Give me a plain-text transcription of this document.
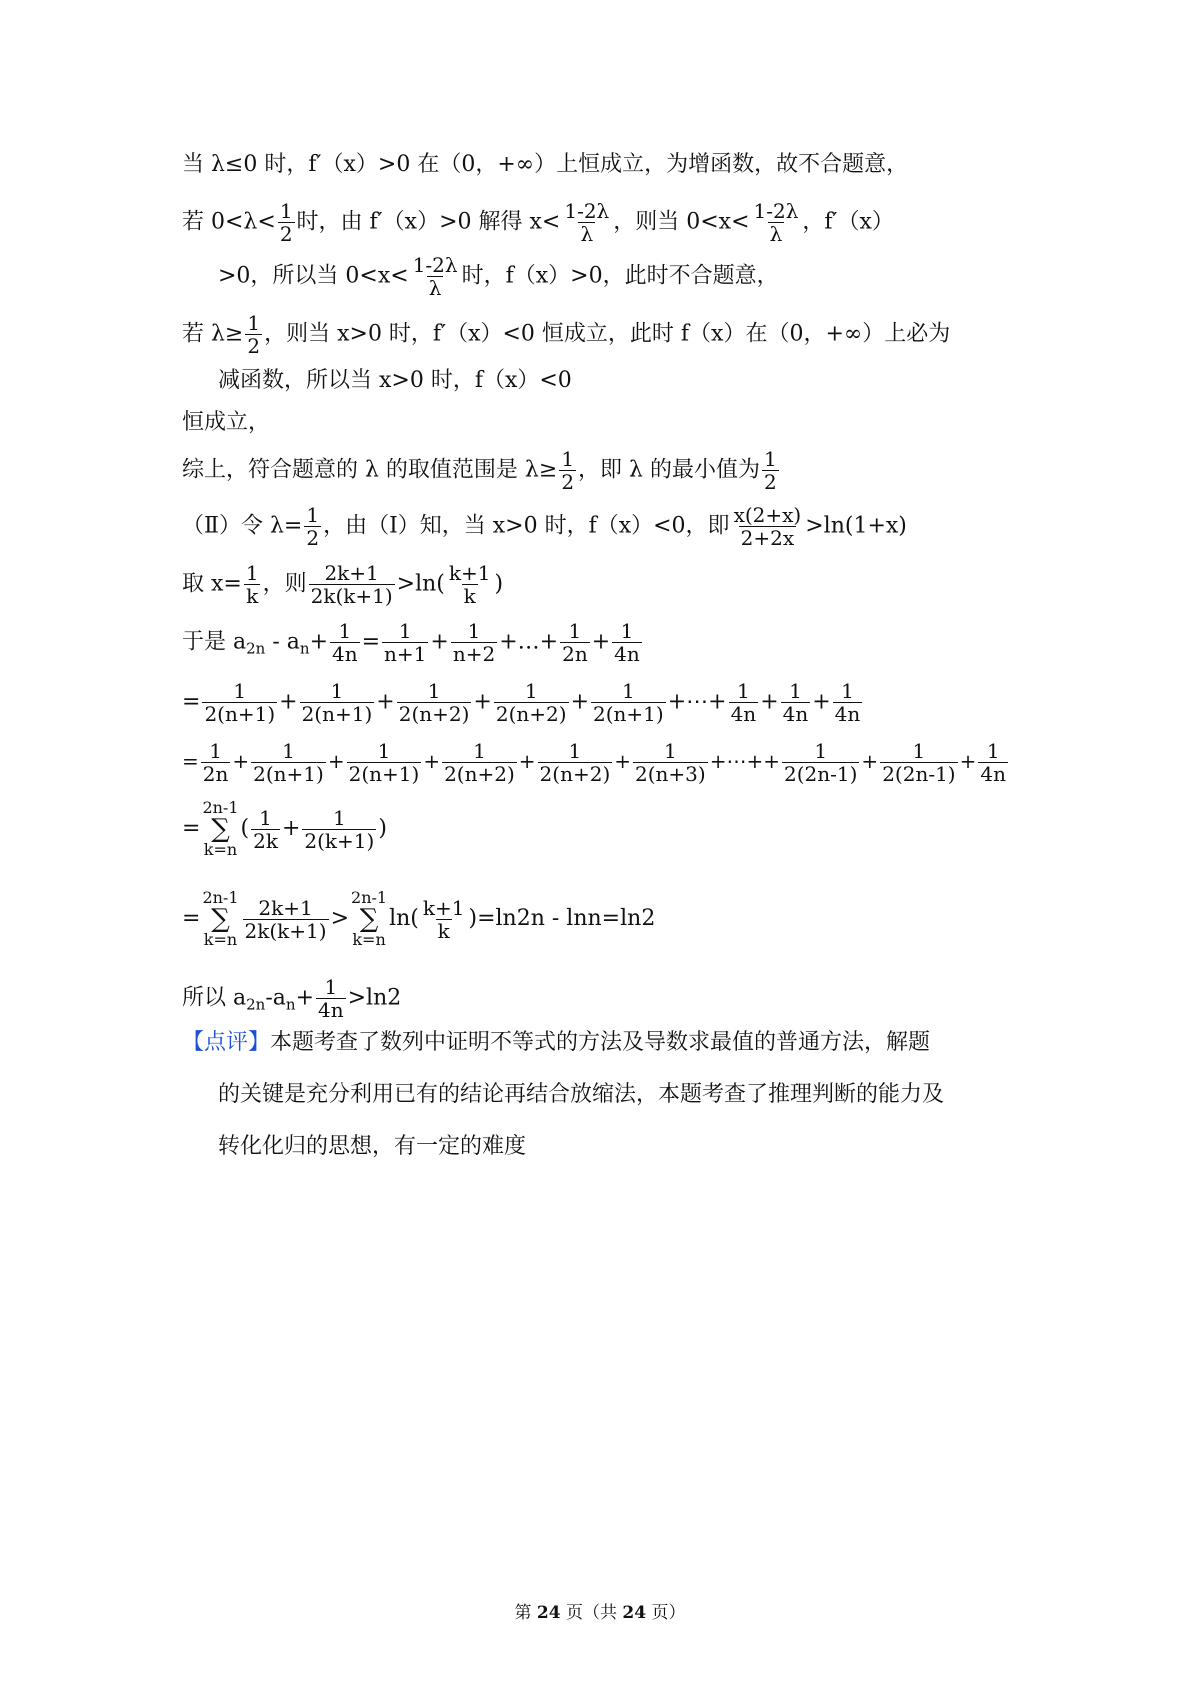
当 λ≤0 时，f′（x）>0 在（0，+∞）上恒成立，为增函数，故不合题意，
若 $0<\lambda< \frac{1}{2}$ 时，由 f′（x）>0 解得 $x< \frac{1-2\lambda}{\lambda}$ ，则当 $0<x< \frac{1-2\lambda}{\lambda}$ ，f′（x）
>0，所以当 $0<x< \frac{1-2\lambda}{\lambda}$ 时，f（x）>0，此时不合题意，
若 $\lambda\ge \frac{1}{2}$ ，则当 x>0 时，f′（x）<0 恒成立，此时 f（x）在（0，+∞）上必为
减函数，所以当 x>0 时，f（x）<0
恒成立，
综上，符合题意的 λ 的取值范围是 $\lambda\ge \frac{1}{2}$ ，即 λ 的最小值为 $\frac{1}{2}$
（Ⅱ）令 $\lambda= \frac{1}{2}$ ，由（Ⅰ）知，当 x>0 时，f（x）<0，即 $\frac{x(2+x)}{2+2x} >\ln(1+x)$
取 $x= \frac{1}{k}$ ，则 $\frac{2k+1}{2k(k+1)} >\ln( \frac{k+1}{k}$ )
于是 $a_{2n} - a_n+ \frac{1}{4n} = \frac{1}{n+1} + \frac{1}{n+2}$ +…+ $\frac{1}{2n} + \frac{1}{4n}$
= $\frac{1}{2(n+1)} + \frac{1}{2(n+1)} + \frac{1}{2(n+2)} + \frac{1}{2(n+2)} + \frac{1}{2(n+1)}$ +⋯+ $\frac{1}{4n} + \frac{1}{4n} + \frac{1}{4n}$
= $\frac{1}{2n} + \frac{1}{2(n+1)} + \frac{1}{2(n+1)} + \frac{1}{2(n+2)} + \frac{1}{2(n+2)} + \frac{1}{2(n+3)}$ +⋯++ $\frac{1}{2(2n-1)} + \frac{1}{2(2n-1)} + \frac{1}{4n}$
=
2n-1
∑
k=n
( $\frac{1}{2k} + \frac{1}{2(k+1)}$ )
=
2n-1
∑
$k=n \frac{2k+1}{2k(k+1)}$ >
2n-1
∑
k=n
$\ln( \frac{k+1}{k} )=\ln 2n - \ln n=\ln 2$
所以 $a_{2n}-a_n+ \frac{1}{4n} >\ln 2$
【点评】本题考查了数列中证明不等式的方法及导数求最值的普通方法，解题
的关键是充分利用已有的结论再结合放缩法，本题考查了推理判断的能力及
转化化归的思想，有一定的难度
第 24 页（共 24 页）
